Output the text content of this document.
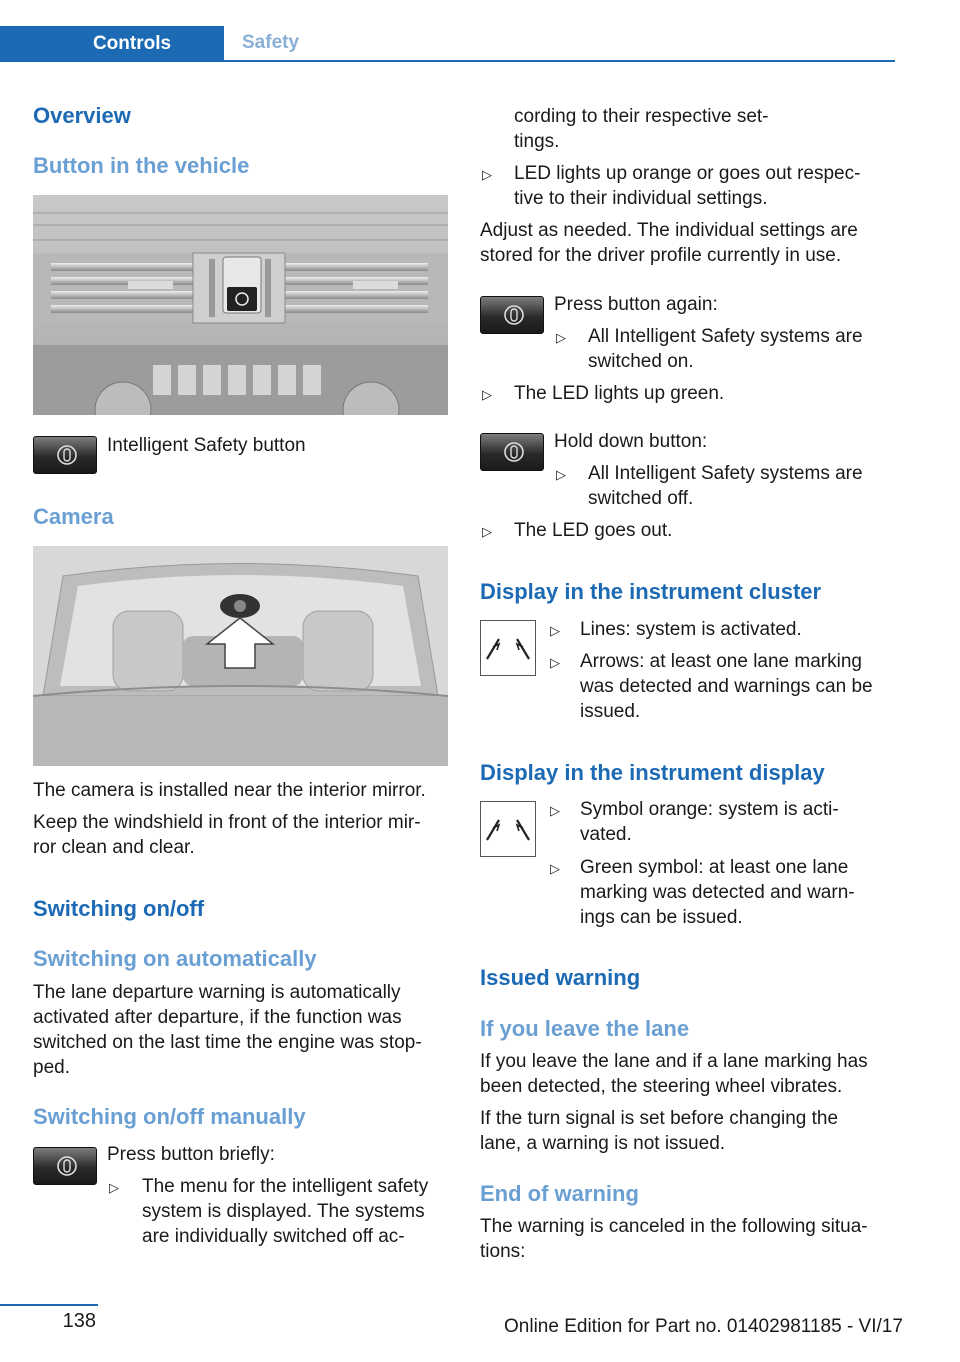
Controls	Safety
Overview
Button in the vehicle
Intelligent Safety button
Camera
The camera is installed near the interior mirror.
Keep the windshield in front of the interior mir-
ror clean and clear.
Switching on/off
Switching on automatically
The lane departure warning is automatically
activated after departure, if the function was
switched on the last time the engine was stop-
ped.
Switching on/off manually
Press button briefly:
▷ The menu for the intelligent safety
system is displayed. The systems
are individually switched off ac-
cording to their respective set-
tings.
▷ LED lights up orange or goes out respec-
tive to their individual settings.
Adjust as needed. The individual settings are
stored for the driver profile currently in use.
Press button again:
▷ All Intelligent Safety systems are
switched on.
▷ The LED lights up green.
Hold down button:
▷ All Intelligent Safety systems are
switched off.
▷ The LED goes out.
Display in the instrument cluster
▷ Lines: system is activated.
▷ Arrows: at least one lane marking
was detected and warnings can be
issued.
Display in the instrument display
▷ Symbol orange: system is acti-
vated.
▷ Green symbol: at least one lane
marking was detected and warn-
ings can be issued.
Issued warning
If you leave the lane
If you leave the lane and if a lane marking has
been detected, the steering wheel vibrates.
If the turn signal is set before changing the
lane, a warning is not issued.
End of warning
The warning is canceled in the following situa-
tions:
138	Online Edition for Part no. 01402981185 - VI/17
